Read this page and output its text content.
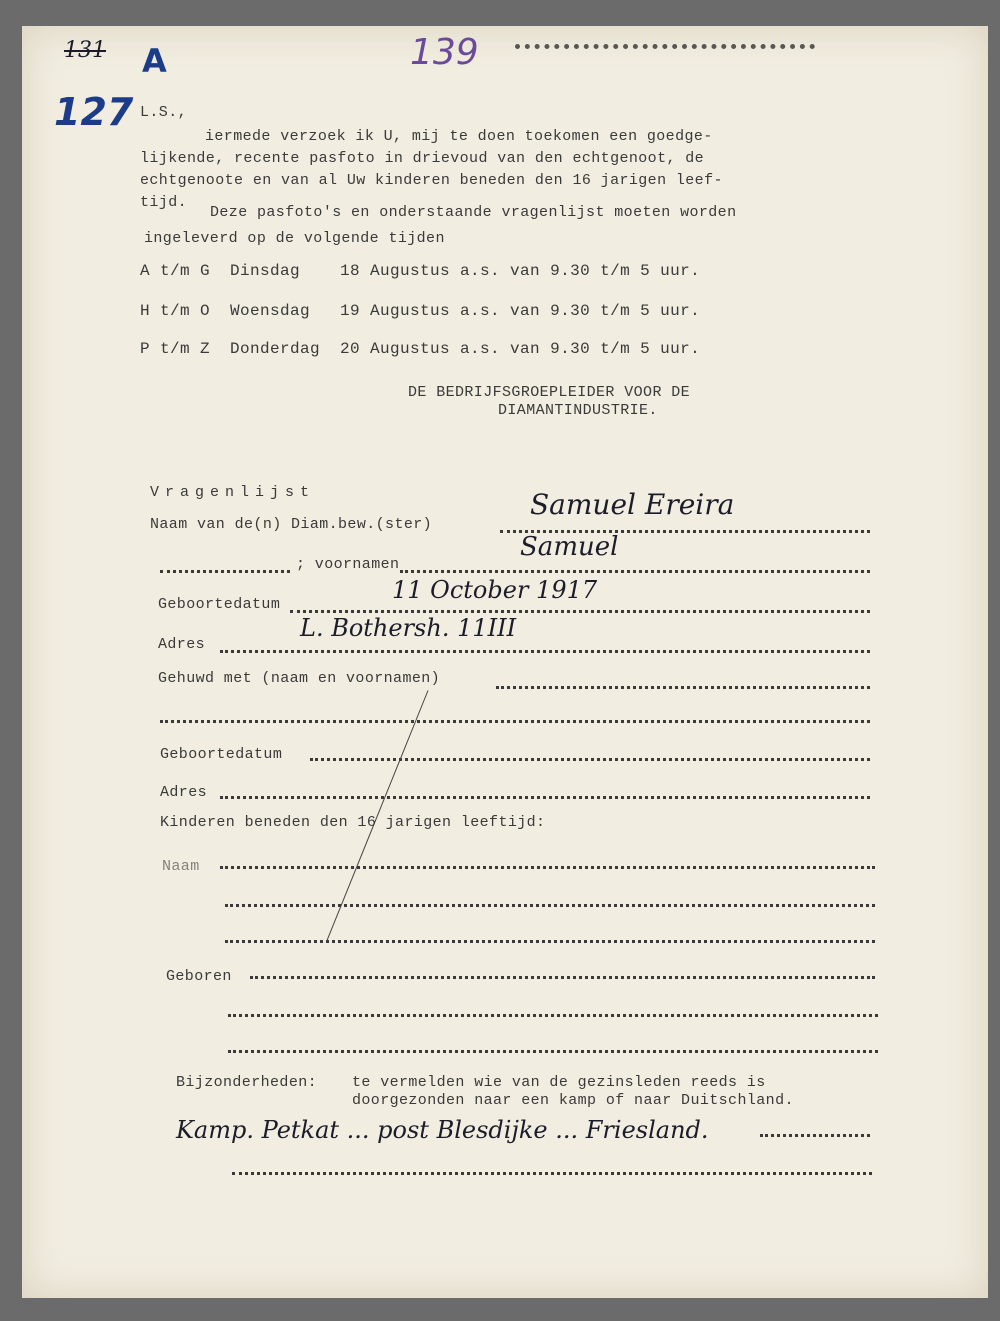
131 A
127
139
L.S.,
iermede verzoek ik U, mij te doen toekomen een goedge-
lijkende, recente pasfoto in drievoud van den echtgenoot, de
echtgenoote en van al Uw kinderen beneden den 16 jarigen leef-
tijd.
Deze pasfoto's en onderstaande vragenlijst moeten worden
ingeleverd op de volgende tijden
A t/m G  Dinsdag    18 Augustus a.s. van 9.30 t/m 5 uur.
H t/m O  Woensdag   19 Augustus a.s. van 9.30 t/m 5 uur.
P t/m Z  Donderdag  20 Augustus a.s. van 9.30 t/m 5 uur.
DE BEDRIJFSGROEPLEIDER VOOR DE
DIAMANTINDUSTRIE.
Vragenlijst
Naam van de(n) Diam.bew.(ster)
Samuel Ereira
; voornamen
Samuel
Geboortedatum
11 October 1917
Adres
L. Bothersh. 11III
Gehuwd met (naam en voornamen)
Geboortedatum
Adres
Kinderen beneden den 16 jarigen leeftijd:
Naam
Geboren
Bijzonderheden: te vermelden wie van de gezinsleden reeds is
doorgezonden naar een kamp of naar Duitschland.
Kamp. Petkat ... post Blesdijke ... Friesland.
